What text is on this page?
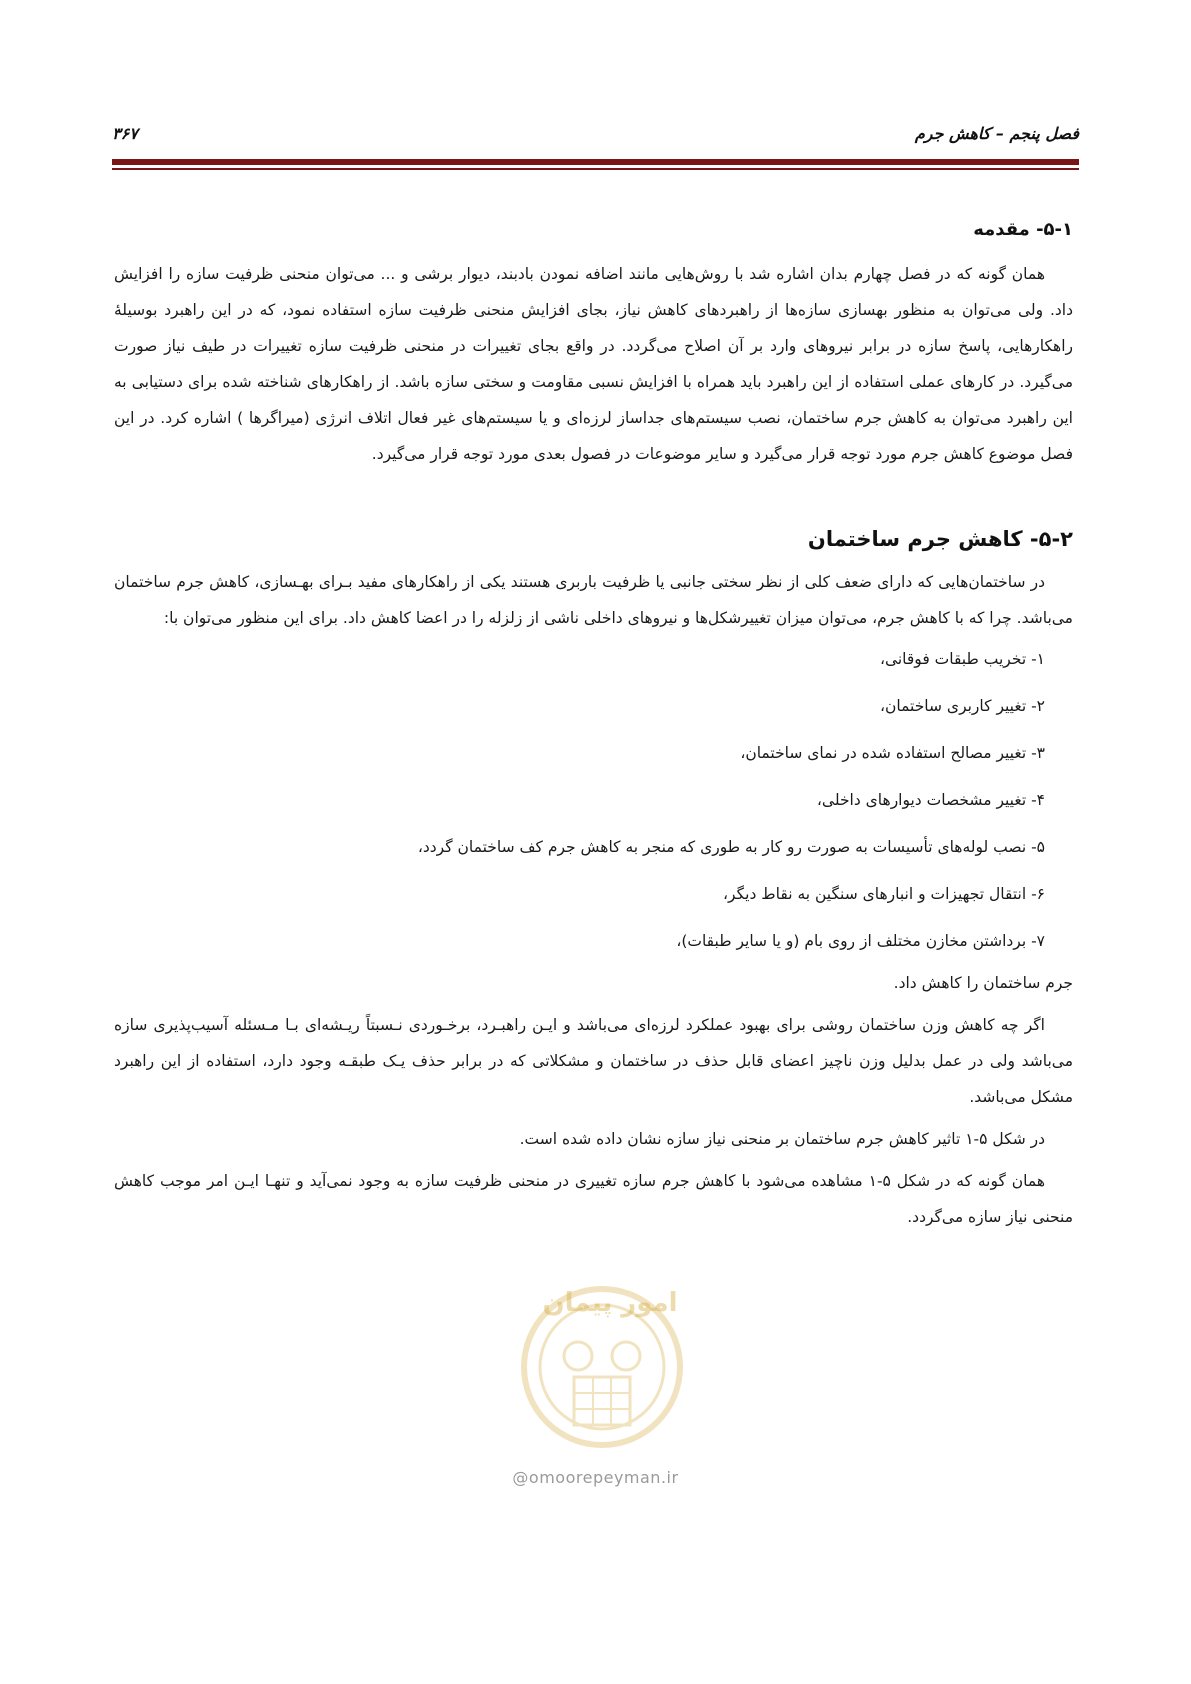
فصل پنجم – کاهش جرم
۳۶۷
۵-۱- مقدمه

همان گونه که در فصل چهارم بدان اشاره شد با روش‌هایی مانند اضافه نمودن بادبند، دیوار برشی و ... می‌توان منحنی ظرفیت سازه را افزایش داد. ولی می‌توان به منظور بهسازی سازه‌ها از راهبردهای کاهش نیاز، بجای افزایش منحنی ظرفیت سازه استفاده نمود، که در این راهبرد بوسیلهٔ راهکارهایی، پاسخ سازه در برابر نیروهای وارد بر آن اصلاح می‌گردد. در واقع بجای تغییرات در منحنی ظرفیت سازه تغییرات در طیف نیاز صورت می‌گیرد. در کارهای عملی استفاده از این راهبرد باید همراه با افزایش نسبی مقاومت و سختی سازه باشد. از راهکارهای شناخته شده برای دستیابی به این راهبرد می‌توان به کاهش جرم ساختمان، نصب سیستم‌های جداساز لرزه‌ای و یا سیستم‌های غیر فعال اتلاف انرژی (میراگرها ) اشاره کرد. در این فصل موضوع کاهش جرم مورد توجه قرار می‌گیرد و سایر موضوعات در فصول بعدی مورد توجه قرار می‌گیرد.

۵-۲- کاهش جرم ساختمان

در ساختمان‌هایی که دارای ضعف کلی از نظر سختی جانبی یا ظرفیت باربری هستند یکی از راهکارهای مفید بـرای بهـسازی، کاهش جرم ساختمان می‌باشد. چرا که با کاهش جرم، می‌توان میزان تغییرشکل‌ها و نیروهای داخلی ناشی از زلزله را در اعضا کاهش داد. برای این منظور می‌توان با:

۱- تخریب طبقات فوقانی،
۲- تغییر کاربری ساختمان،
۳- تغییر مصالح استفاده شده در نمای ساختمان،
۴- تغییر مشخصات دیوارهای داخلی،
۵- نصب لوله‌های تأسیسات به صورت رو کار به طوری که منجر به کاهش جرم کف ساختمان گردد،
۶- انتقال تجهیزات و انبارهای سنگین به نقاط دیگر،
۷- برداشتن مخازن مختلف از روی بام (و یا سایر طبقات)،

جرم ساختمان را کاهش داد.

اگر چه کاهش وزن ساختمان روشی برای بهبود عملکرد لرزه‌ای می‌باشد و ایـن راهبـرد، برخـوردی نـسبتاً ریـشه‌ای بـا مـسئله آسیب‌پذیری سازه می‌باشد ولی در عمل بدلیل وزن ناچیز اعضای قابل حذف در ساختمان و مشکلاتی که در برابر حذف یـک طبقـه وجود دارد، استفاده از این راهبرد مشکل می‌باشد.

در شکل ۵-۱ تاثیر کاهش جرم ساختمان بر منحنی نیاز سازه نشان داده شده است.

همان گونه که در شکل ۵-۱ مشاهده می‌شود با کاهش جرم سازه تغییری در منحنی ظرفیت سازه به وجود نمی‌آید و تنهـا ایـن امر موجب کاهش منحنی نیاز سازه می‌گردد.

امور پیمان
@omoorepeyman.ir
